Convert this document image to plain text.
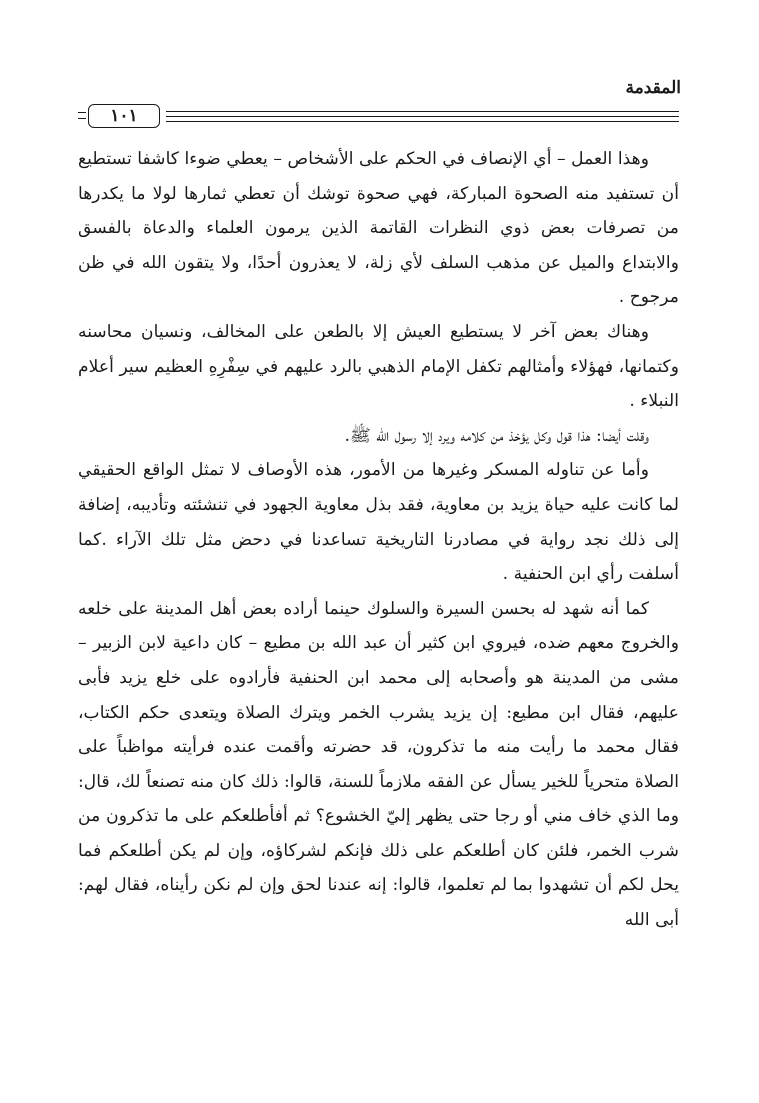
المقدمة
١٠١

وهذا العمل – أي الإنصاف في الحكم على الأشخاص – يعطي ضوءا كاشفا تستطيع أن تستفيد منه الصحوة المباركة، فهي صحوة توشك أن تعطي ثمارها لولا ما يكدرها من تصرفات بعض ذوي النظرات القاتمة الذين يرمون العلماء والدعاة بالفسق والابتداع والميل عن مذهب السلف لأي زلة، لا يعذرون أحدًا، ولا يتقون الله في ظن مرجوح .

وهناك بعض آخر لا يستطيع العيش إلا بالطعن على المخالف، ونسيان محاسنه وكتمانها، فهؤلاء وأمثالهم تكفل الإمام الذهبي بالرد عليهم في سِفْرِهِ العظيم سير أعلام النبلاء .

وقلت أيضا: هذا قول وكل يؤخذ من كلامه ويرد إلا رسول الله ﷺ.

وأما عن تناوله المسكر وغيرها من الأمور، هذه الأوصاف لا تمثل الواقع الحقيقي لما كانت عليه حياة يزيد بن معاوية، فقد بذل معاوية الجهود في تنشئته وتأديبه، إضافة إلى ذلك نجد رواية في مصادرنا التاريخية تساعدنا في دحض مثل تلك الآراء .كما أسلفت رأي ابن الحنفية .

كما أنه شهد له بحسن السيرة والسلوك حينما أراده بعض أهل المدينة على خلعه والخروج معهم ضده، فيروي ابن كثير أن عبد الله بن مطيع – كان داعية لابن الزبير – مشى من المدينة هو وأصحابه إلى محمد ابن الحنفية فأرادوه على خلع يزيد فأبى عليهم، فقال ابن مطيع: إن يزيد يشرب الخمر ويترك الصلاة ويتعدى حكم الكتاب، فقال محمد ما رأيت منه ما تذكرون، قد حضرته وأقمت عنده فرأيته مواظباً على الصلاة متحرياً للخير يسأل عن الفقه ملازماً للسنة، قالوا: ذلك كان منه تصنعاً لك، قال: وما الذي خاف مني أو رجا حتى يظهر إليّ الخشوع؟ ثم أفأطلعكم على ما تذكرون من شرب الخمر، فلئن كان أطلعكم على ذلك فإنكم لشركاؤه، وإن لم يكن أطلعكم فما يحل لكم أن تشهدوا بما لم تعلموا، قالوا: إنه عندنا لحق وإن لم نكن رأيناه، فقال لهم: أبى الله
